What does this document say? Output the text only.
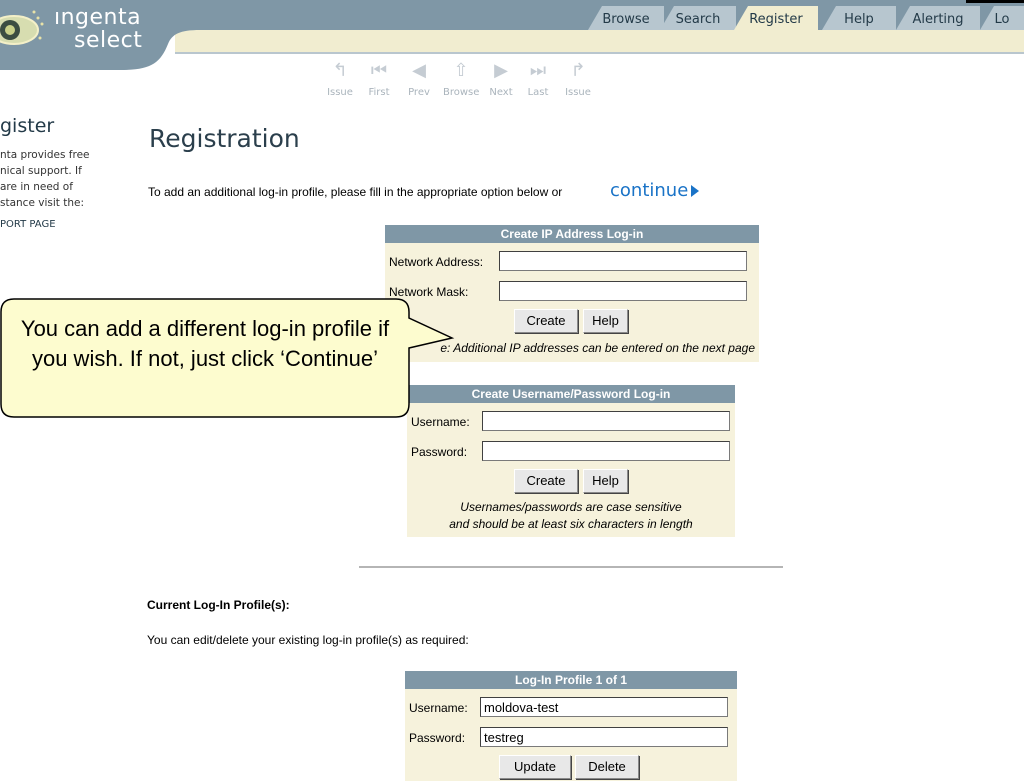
ıngenta
select
Browse	Search	Register	Help	Alerting	Lo
↰
Issue
⏮
First
◀
Prev
⇧
Browse
▶
Next
⏭
Last
↱
Issue
gister
nta provides free
nical support. If
are in need of
stance visit the:
PORT PAGE
Registration
To add an additional log-in profile, please fill in the appropriate option below or	continue
Create IP Address Log-in
Network Address:
Network Mask:
Create	Help
e: Additional IP addresses can be entered on the next page
Create Username/Password Log-in
Username:
Password:
Create	Help
Usernames/passwords are case sensitive
and should be at least six characters in length
Current Log-In Profile(s):
You can edit/delete your existing log-in profile(s) as required:
Log-In Profile 1 of 1
Username:	moldova-test
Password:	testreg
Update	Delete
You can add a different log-in profile if you wish. If not, just click ‘Continue’
